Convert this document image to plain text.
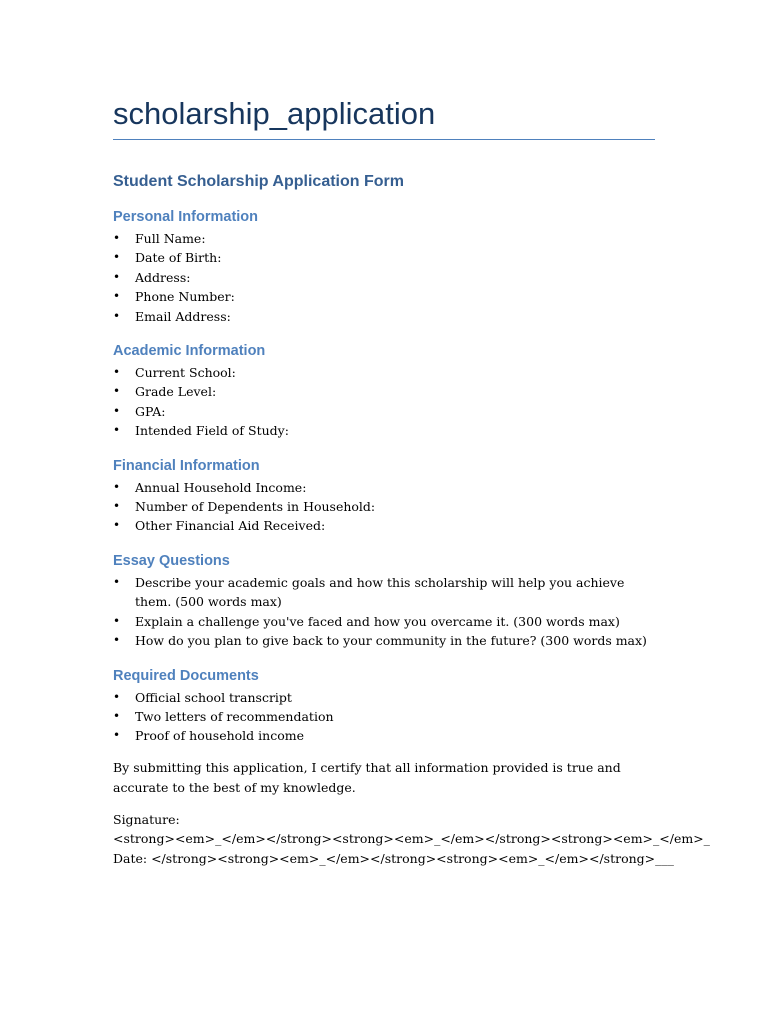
scholarship_application
Student Scholarship Application Form
Personal Information
• Full Name:
• Date of Birth:
• Address:
• Phone Number:
• Email Address:
Academic Information
• Current School:
• Grade Level:
• GPA:
• Intended Field of Study:
Financial Information
• Annual Household Income:
• Number of Dependents in Household:
• Other Financial Aid Received:
Essay Questions
• Describe your academic goals and how this scholarship will help you achieve them. (500 words max)
• Explain a challenge you've faced and how you overcame it. (300 words max)
• How do you plan to give back to your community in the future? (300 words max)
Required Documents
• Official school transcript
• Two letters of recommendation
• Proof of household income

By submitting this application, I certify that all information provided is true and accurate to the best of my knowledge.

Signature:

<strong><em>_</em></strong><strong><em>_</em></strong><strong><em>_</em>_

Date: </strong><strong><em>_</em></strong><strong><em>_</em></strong>___
